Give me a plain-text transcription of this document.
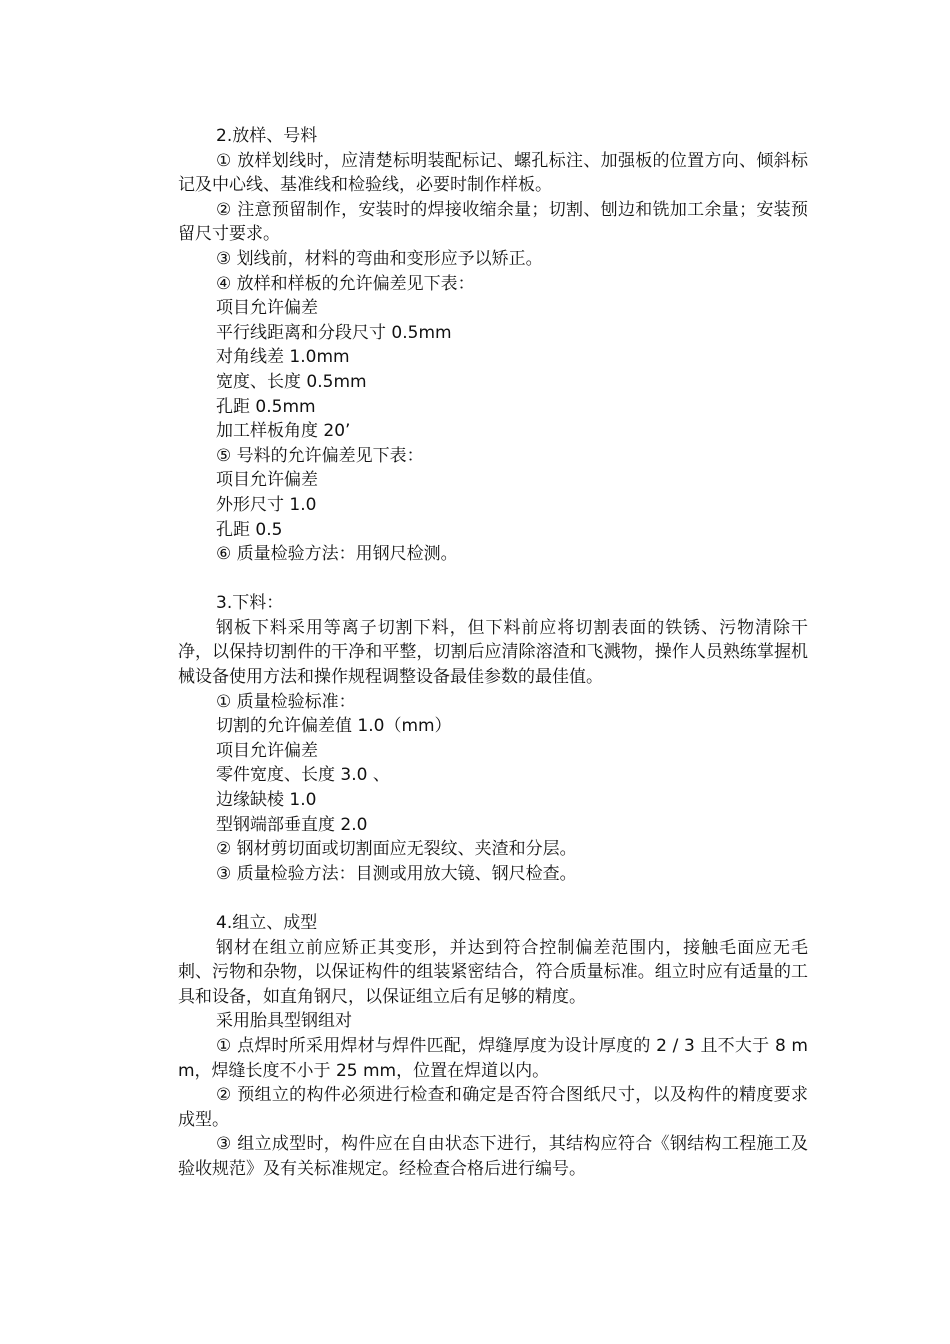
2.放样、号料
① 放样划线时，应清楚标明装配标记、螺孔标注、加强板的位置方向、倾斜标记及中心线、基准线和检验线，必要时制作样板。
② 注意预留制作，安装时的焊接收缩余量；切割、刨边和铣加工余量；安装预留尺寸要求。
③ 划线前，材料的弯曲和变形应予以矫正。
④ 放样和样板的允许偏差见下表：
项目允许偏差
平行线距离和分段尺寸 0.5mm
对角线差 1.0mm
宽度、长度 0.5mm
孔距 0.5mm
加工样板角度 20’
⑤ 号料的允许偏差见下表：
项目允许偏差
外形尺寸 1.0
孔距 0.5
⑥ 质量检验方法：用钢尺检测。
3.下料：
钢板下料采用等离子切割下料，但下料前应将切割表面的铁锈、污物清除干净，以保持切割件的干净和平整，切割后应清除溶渣和飞溅物，操作人员熟练掌握机械设备使用方法和操作规程调整设备最佳参数的最佳值。
① 质量检验标准：
切割的允许偏差值 1.0（mm）
项目允许偏差
零件宽度、长度 3.0 、
边缘缺棱 1.0
型钢端部垂直度 2.0
② 钢材剪切面或切割面应无裂纹、夹渣和分层。
③ 质量检验方法：目测或用放大镜、钢尺检查。
4.组立、成型
钢材在组立前应矫正其变形，并达到符合控制偏差范围内，接触毛面应无毛刺、污物和杂物，以保证构件的组装紧密结合，符合质量标准。组立时应有适量的工具和设备，如直角钢尺，以保证组立后有足够的精度。
采用胎具型钢组对
① 点焊时所采用焊材与焊件匹配，焊缝厚度为设计厚度的 2 / 3 且不大于 8 mm，焊缝长度不小于 25 mm，位置在焊道以内。
② 预组立的构件必须进行检查和确定是否符合图纸尺寸，以及构件的精度要求成型。
③ 组立成型时，构件应在自由状态下进行，其结构应符合《钢结构工程施工及验收规范》及有关标准规定。经检查合格后进行编号。
